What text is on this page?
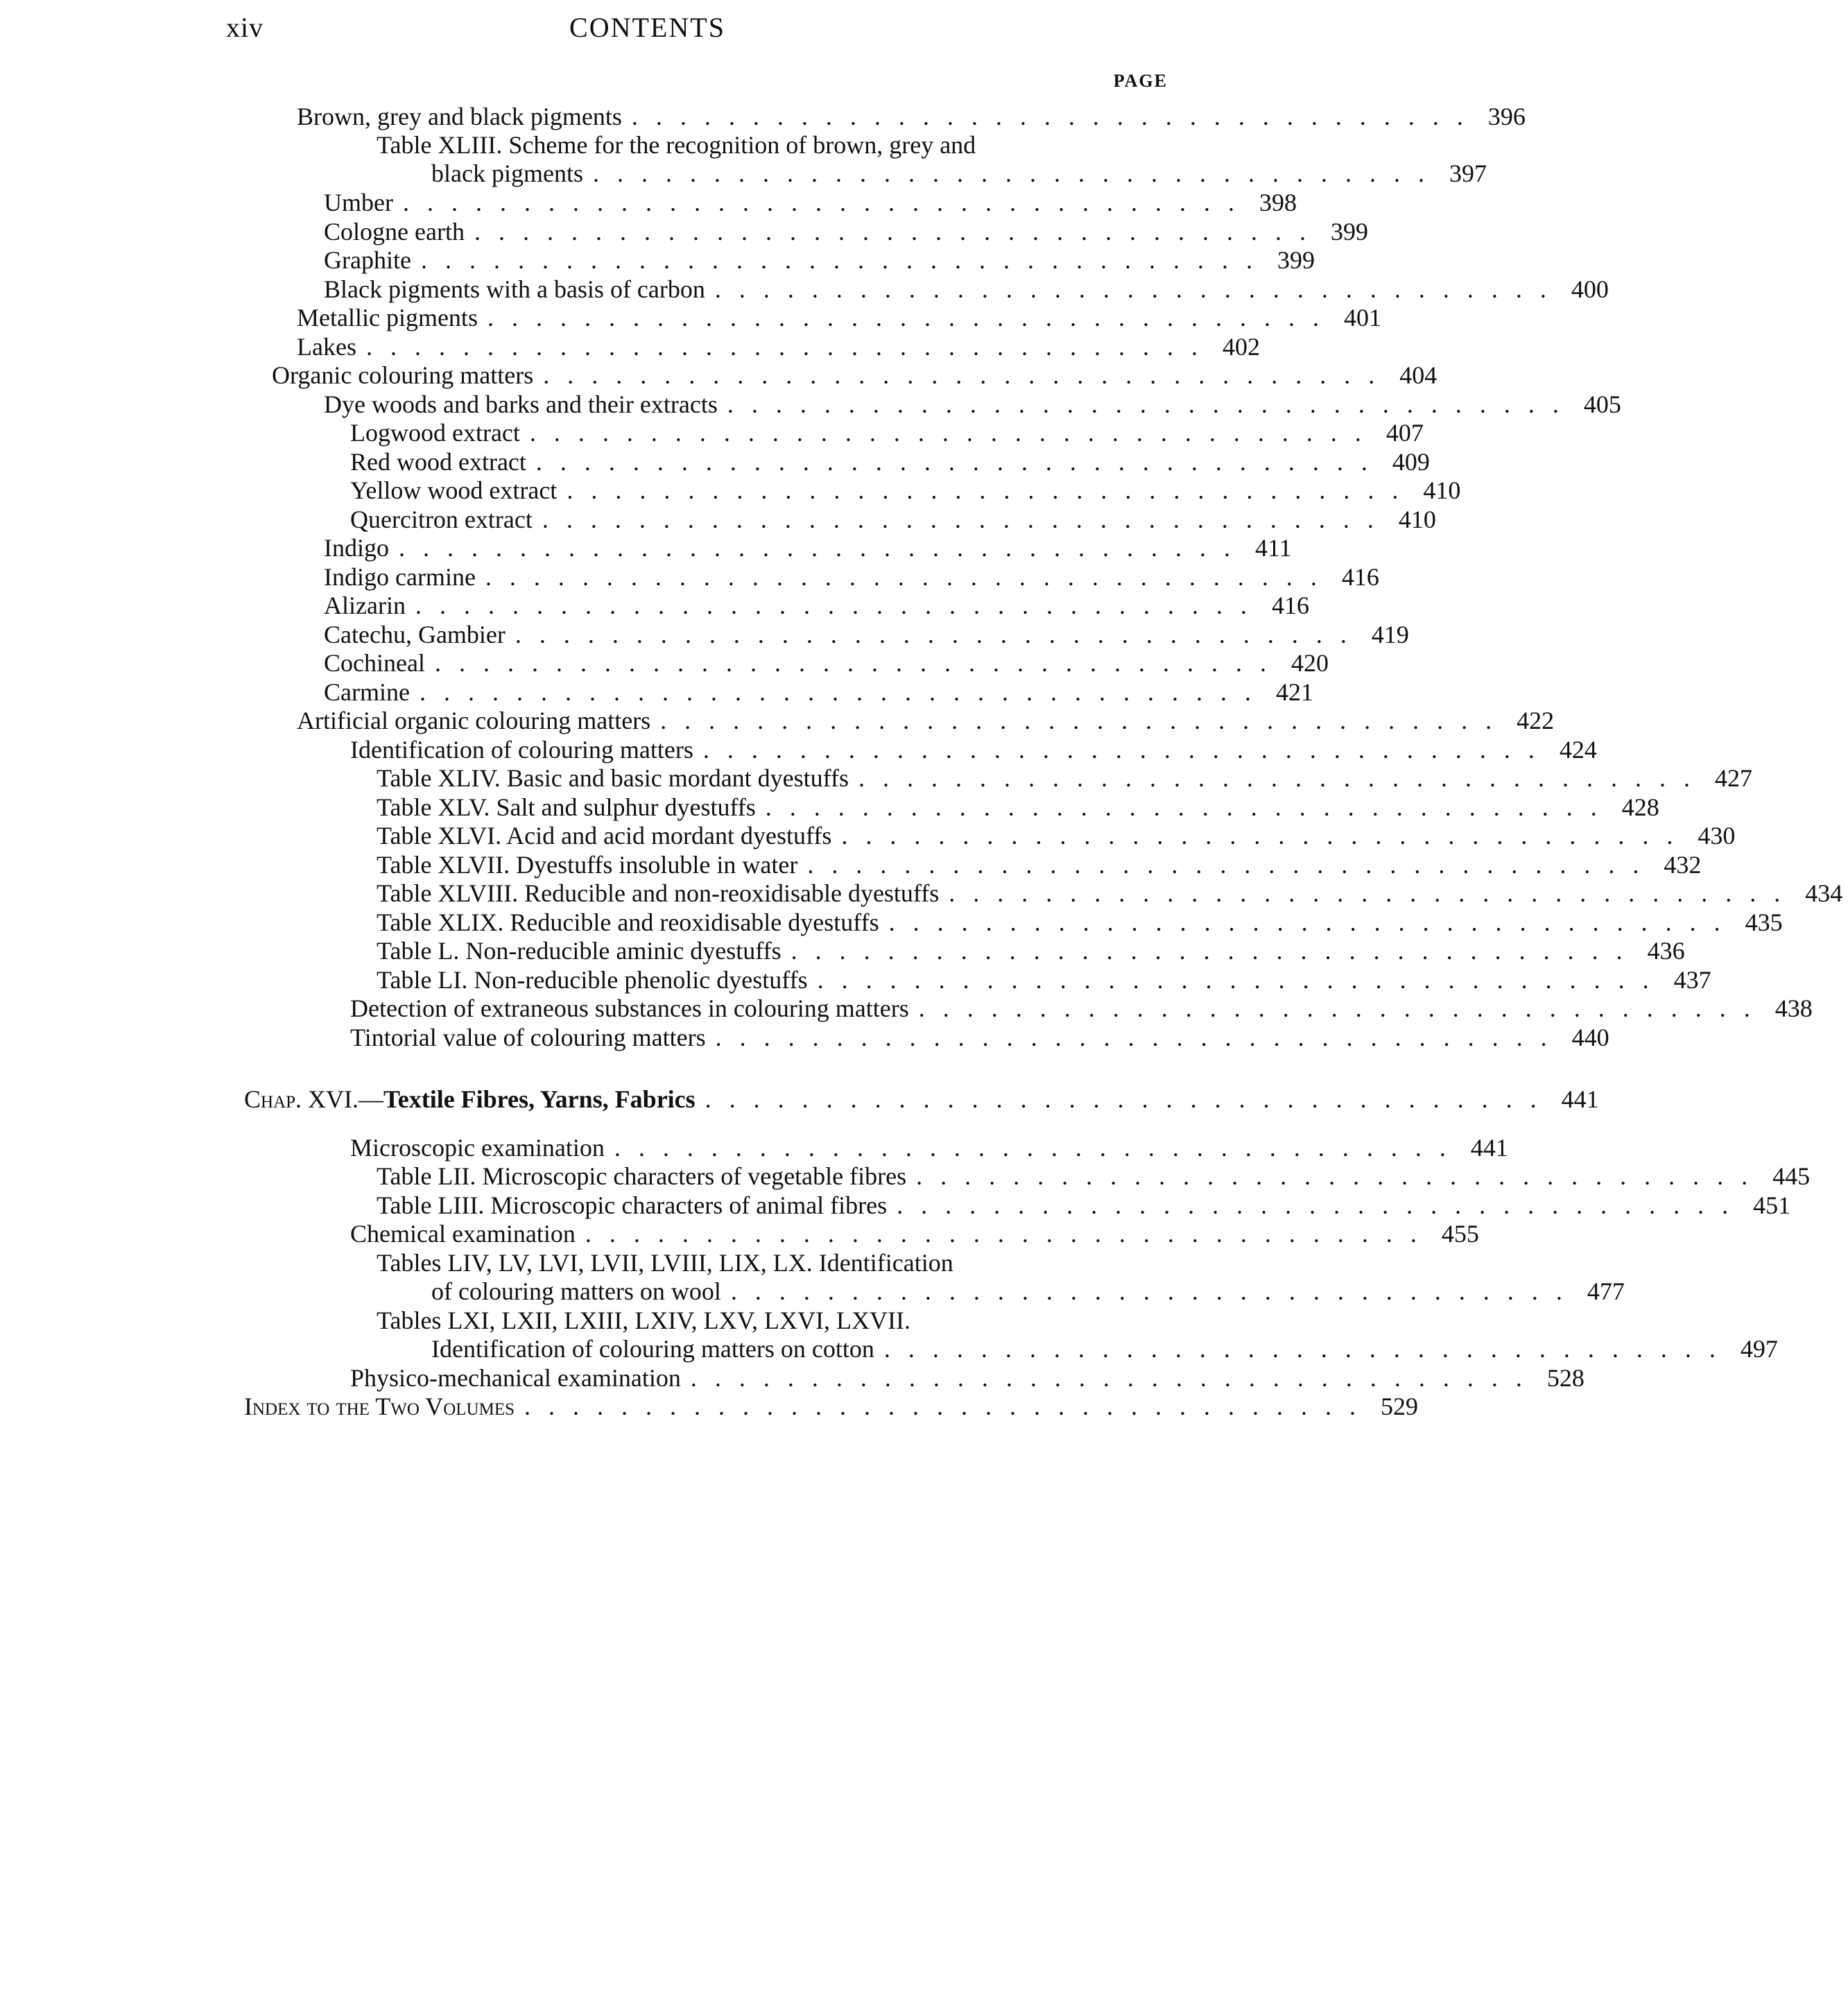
xiv	CONTENTS
PAGE
Brown, grey and black pigments ................................... 396
Table XLIII. Scheme for the recognition of brown, grey and
black pigments ................................... 397
Umber ................................... 398
Cologne earth ................................... 399
Graphite ................................... 399
Black pigments with a basis of carbon ................................... 400
Metallic pigments ................................... 401
Lakes ................................... 402
Organic colouring matters ................................... 404
Dye woods and barks and their extracts ................................... 405
Logwood extract ................................... 407
Red wood extract ................................... 409
Yellow wood extract ................................... 410
Quercitron extract ................................... 410
Indigo ................................... 411
Indigo carmine ................................... 416
Alizarin ................................... 416
Catechu, Gambier ................................... 419
Cochineal ................................... 420
Carmine ................................... 421
Artificial organic colouring matters ................................... 422
Identification of colouring matters ................................... 424
Table XLIV. Basic and basic mordant dyestuffs ................................... 427
Table XLV. Salt and sulphur dyestuffs ................................... 428
Table XLVI. Acid and acid mordant dyestuffs ................................... 430
Table XLVII. Dyestuffs insoluble in water ................................... 432
Table XLVIII. Reducible and non-reoxidisable dyestuffs ................................... 434
Table XLIX. Reducible and reoxidisable dyestuffs ................................... 435
Table L. Non-reducible aminic dyestuffs ................................... 436
Table LI. Non-reducible phenolic dyestuffs ................................... 437
Detection of extraneous substances in colouring matters ................................... 438
Tintorial value of colouring matters ................................... 440
Chap. XVI.—Textile Fibres, Yarns, Fabrics ................................... 441
Microscopic examination ................................... 441
Table LII. Microscopic characters of vegetable fibres ................................... 445
Table LIII. Microscopic characters of animal fibres ................................... 451
Chemical examination ................................... 455
Tables LIV, LV, LVI, LVII, LVIII, LIX, LX. Identification
of colouring matters on wool ................................... 477
Tables LXI, LXII, LXIII, LXIV, LXV, LXVI, LXVII.
Identification of colouring matters on cotton ................................... 497
Physico-mechanical examination ................................... 528
Index to the Two Volumes ................................... 529
